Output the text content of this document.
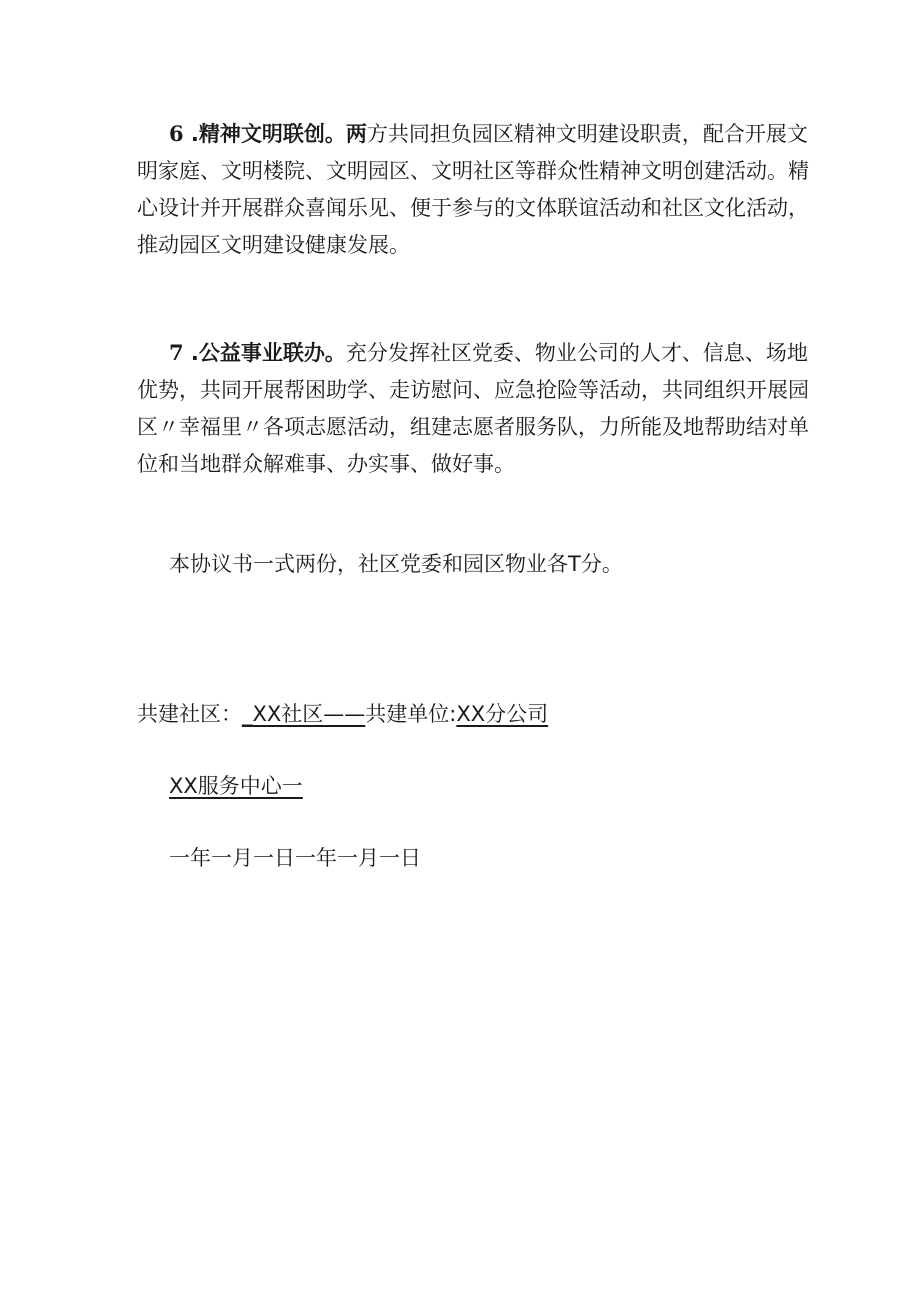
6 .精神文明联创。两方共同担负园区精神文明建设职责，配合开展文
明家庭、文明楼院、文明园区、文明社区等群众性精神文明创建活动。精
心设计并开展群众喜闻乐见、便于参与的文体联谊活动和社区文化活动，
推动园区文明建设健康发展。
7 .公益事业联办。充分发挥社区党委、物业公司的人才、信息、场地
优势，共同开展帮困助学、走访慰问、应急抢险等活动，共同组织开展园
区〃幸福里〃各项志愿活动，组建志愿者服务队，力所能及地帮助结对单
位和当地群众解难事、办实事、做好事。

本协议书一式两份，社区党委和园区物业各T分。

共建社区：_XX社区——共建单位:XX分公司

XX服务中心一

一年一月一日一年一月一日
